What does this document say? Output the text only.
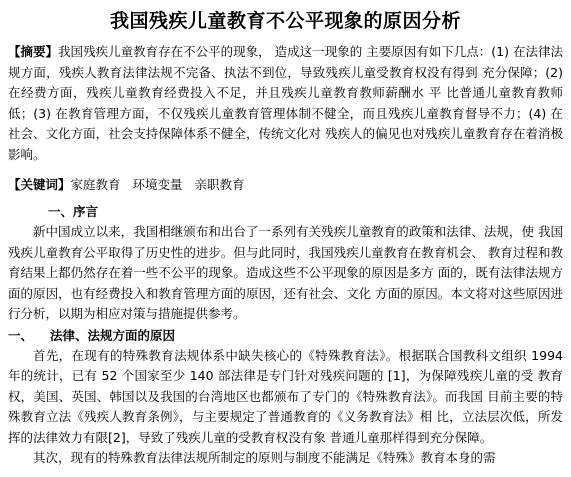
我国残疾儿童教育不公平现象的原因分析

【摘要】我国残疾儿童教育存在不公平的现象， 造成这一现象的 主要原因有如下几点：(1) 在法律法规方面，残疾人教育法律法规不完备、执法不到位，导致残疾儿童受教育权没有得到 充分保障；(2) 在经费方面，残疾儿童教育经费投入不足，并且残疾儿童教育教师薪酬水 平 比普通儿童教育教师低；(3) 在教育管理方面，不仅残疾儿童教育管理体制不健全，而且残疾儿童教育督导不力；(4) 在社会、文化方面，社会支持保障体系不健全，传统文化对 残疾人的偏见也对残疾儿童教育存在着消极影响。

【关键词】家庭教育 环境变量 亲职教育

一、序言

新中国成立以来，我国相继颁布和出台了一系列有关残疾儿童教育的政策和法律、法规，使 我国残疾儿童教育公平取得了历史性的进步。但与此同时，我国残疾儿童教育在教育机会、 教育过程和教育结果上都仍然存在着一些不公平的现象。造成这些不公平现象的原因是多方 面的，既有法律法规方面的原因，也有经费投入和教育管理方面的原因，还有社会、文化 方面的原因。本文将对这些原因进行分析，以期为相应对策与措施提供参考。

一、 法律、法规方面的原因

首先，在现有的特殊教育法规体系中缺失核心的《特殊教育法》。根据联合国教科文组织 1994 年的统计，已有 52 个国家至少 140 部法律是专门针对残疾问题的 [1]，为保障残疾儿童的受 教育权，美国、英国、韩国以及我国的台湾地区也都颁布了专门的《特殊教育法》。而我国 目前主要的特殊教育立法《残疾人教育条例》，与主要规定了普通教育的《义务教育法》相 比，立法层次低，所发挥的法律效力有限[2]，导致了残疾儿童的受教育权没有象 普通儿童那样得到充分保障。

其次，现有的特殊教育法律法规所制定的原则与制度不能满足《特殊》教育本身的需
